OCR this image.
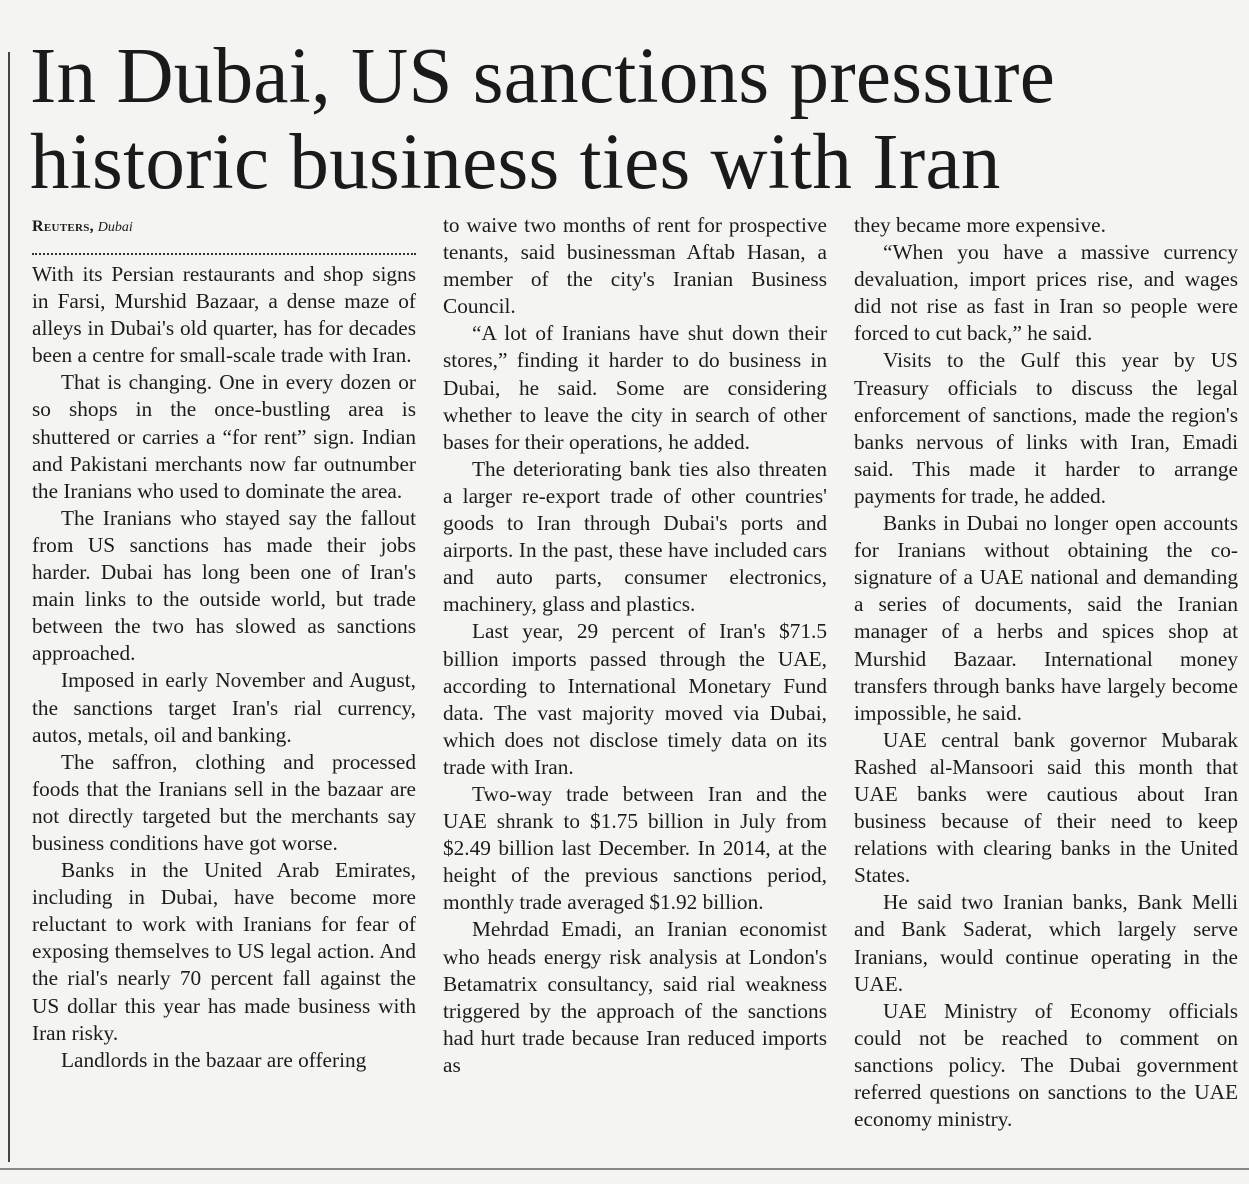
In Dubai, US sanctions pressure historic business ties with Iran
Reuters, Dubai

With its Persian restaurants and shop signs in Farsi, Murshid Bazaar, a dense maze of alleys in Dubai's old quarter, has for decades been a centre for small-scale trade with Iran.

That is changing. One in every dozen or so shops in the once-bustling area is shuttered or carries a “for rent” sign. Indian and Pakistani merchants now far outnumber the Iranians who used to dominate the area.

The Iranians who stayed say the fallout from US sanctions has made their jobs harder. Dubai has long been one of Iran's main links to the outside world, but trade between the two has slowed as sanctions approached.

Imposed in early November and August, the sanctions target Iran's rial currency, autos, metals, oil and banking.

The saffron, clothing and processed foods that the Iranians sell in the bazaar are not directly targeted but the merchants say business conditions have got worse.

Banks in the United Arab Emirates, including in Dubai, have become more reluctant to work with Iranians for fear of exposing themselves to US legal action. And the rial's nearly 70 percent fall against the US dollar this year has made business with Iran risky.

Landlords in the bazaar are offering

to waive two months of rent for prospective tenants, said businessman Aftab Hasan, a member of the city's Iranian Business Council.

“A lot of Iranians have shut down their stores,” finding it harder to do business in Dubai, he said. Some are considering whether to leave the city in search of other bases for their operations, he added.

The deteriorating bank ties also threaten a larger re-export trade of other countries' goods to Iran through Dubai's ports and airports. In the past, these have included cars and auto parts, consumer electronics, machinery, glass and plastics.

Last year, 29 percent of Iran's $71.5 billion imports passed through the UAE, according to International Monetary Fund data. The vast majority moved via Dubai, which does not disclose timely data on its trade with Iran.

Two-way trade between Iran and the UAE shrank to $1.75 billion in July from $2.49 billion last December. In 2014, at the height of the previous sanctions period, monthly trade averaged $1.92 billion.

Mehrdad Emadi, an Iranian economist who heads energy risk analysis at London's Betamatrix consultancy, said rial weakness triggered by the approach of the sanctions had hurt trade because Iran reduced imports as

they became more expensive.

“When you have a massive currency devaluation, import prices rise, and wages did not rise as fast in Iran so people were forced to cut back,” he said.

Visits to the Gulf this year by US Treasury officials to discuss the legal enforcement of sanctions, made the region's banks nervous of links with Iran, Emadi said. This made it harder to arrange payments for trade, he added.

Banks in Dubai no longer open accounts for Iranians without obtaining the co-signature of a UAE national and demanding a series of documents, said the Iranian manager of a herbs and spices shop at Murshid Bazaar. International money transfers through banks have largely become impossible, he said.

UAE central bank governor Mubarak Rashed al-Mansoori said this month that UAE banks were cautious about Iran business because of their need to keep relations with clearing banks in the United States.

He said two Iranian banks, Bank Melli and Bank Saderat, which largely serve Iranians, would continue operating in the UAE.

UAE Ministry of Economy officials could not be reached to comment on sanctions policy. The Dubai government referred questions on sanctions to the UAE economy ministry.
